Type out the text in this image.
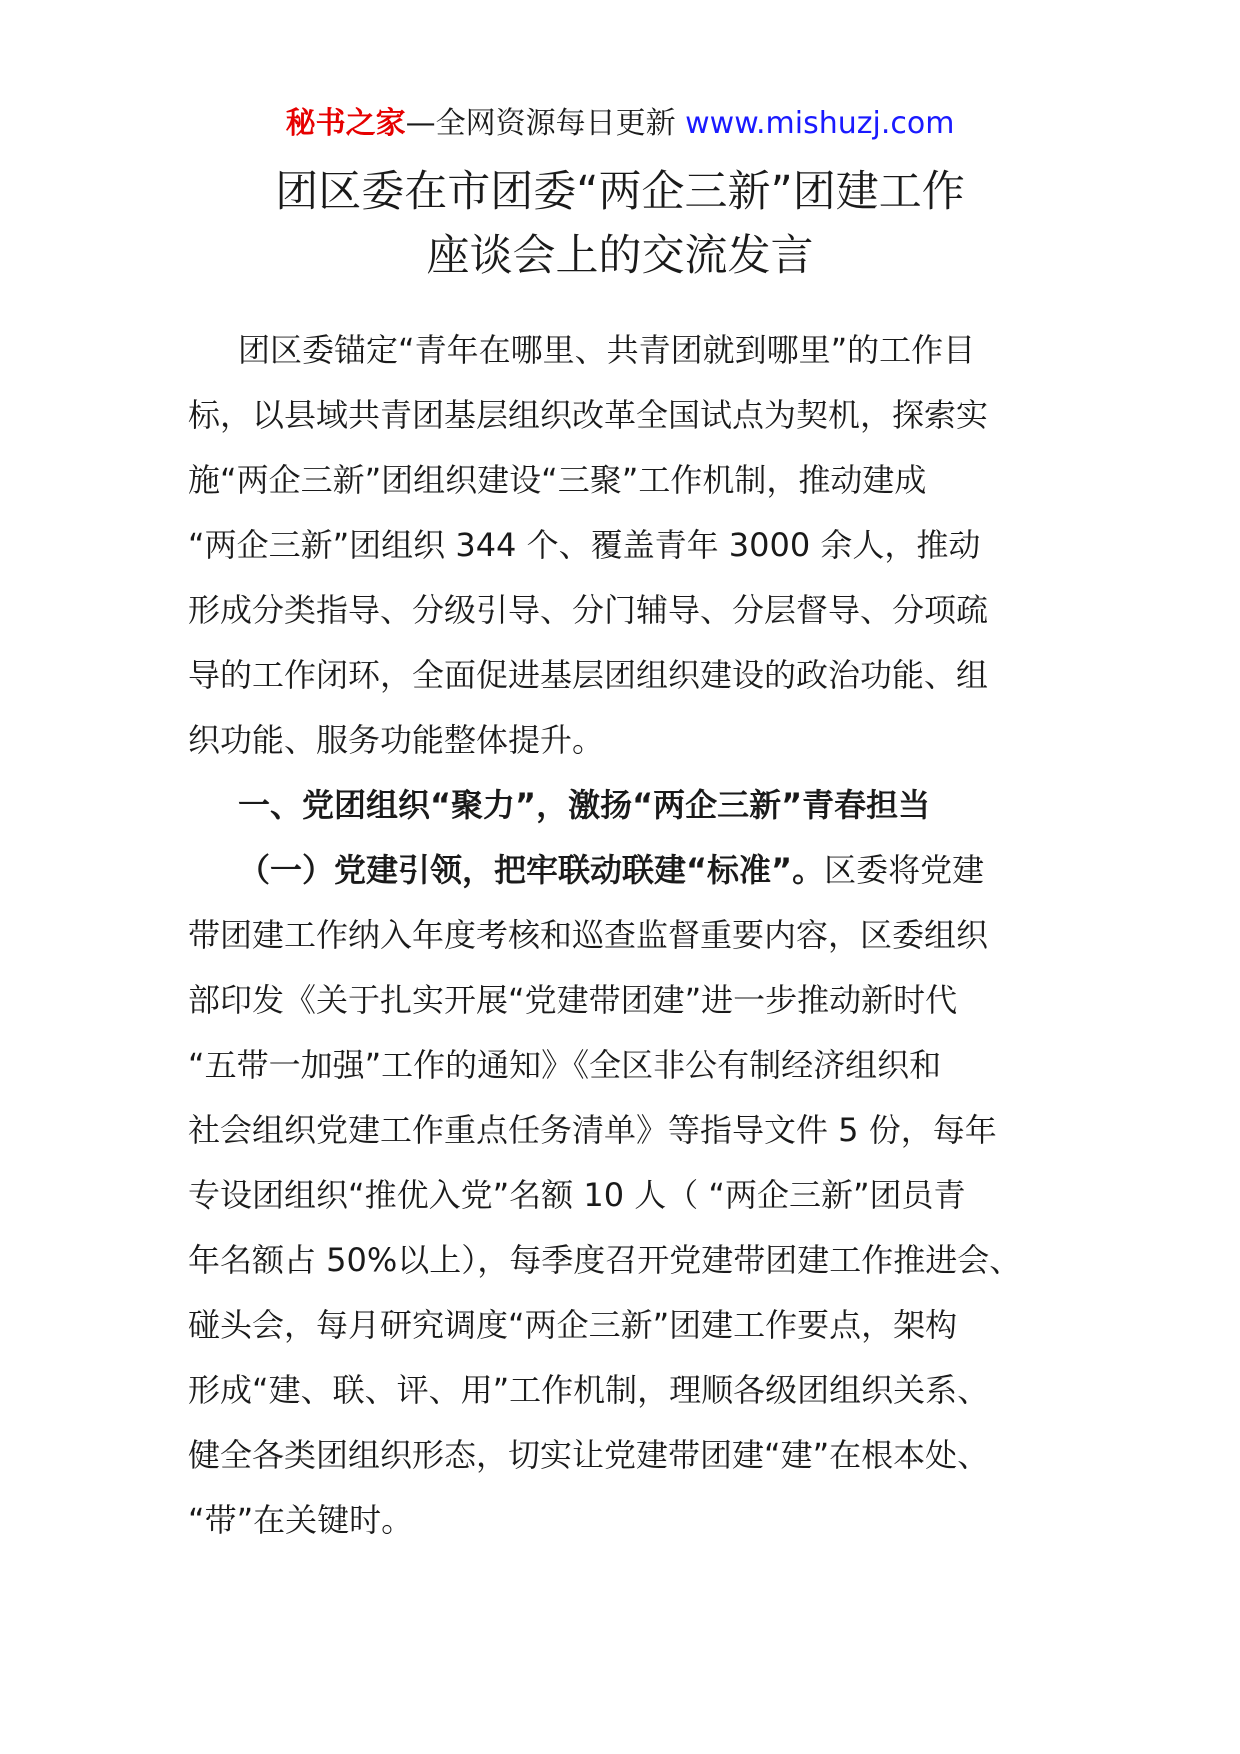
秘书之家—全网资源每日更新 www.mishuzj.com
团区委在市团委“两企三新”团建工作
座谈会上的交流发言
团区委锚定“青年在哪里、共青团就到哪里”的工作目
标，以县域共青团基层组织改革全国试点为契机，探索实
施“两企三新”团组织建设“三聚”工作机制，推动建成
“两企三新”团组织 344 个、覆盖青年 3000 余人，推动
形成分类指导、分级引导、分门辅导、分层督导、分项疏
导的工作闭环，全面促进基层团组织建设的政治功能、组
织功能、服务功能整体提升。
一、党团组织“聚力”，激扬“两企三新”青春担当
（一）党建引领，把牢联动联建“标准”。区委将党建
带团建工作纳入年度考核和巡查监督重要内容，区委组织
部印发《关于扎实开展“党建带团建”进一步推动新时代
“五带一加强”工作的通知》《全区非公有制经济组织和
社会组织党建工作重点任务清单》等指导文件 5 份，每年
专设团组织“推优入党”名额 10 人（ “两企三新”团员青
年名额占 50%以上），每季度召开党建带团建工作推进会、
碰头会，每月研究调度“两企三新”团建工作要点，架构
形成“建、联、评、用”工作机制，理顺各级团组织关系、
健全各类团组织形态，切实让党建带团建“建”在根本处、
“带”在关键时。
